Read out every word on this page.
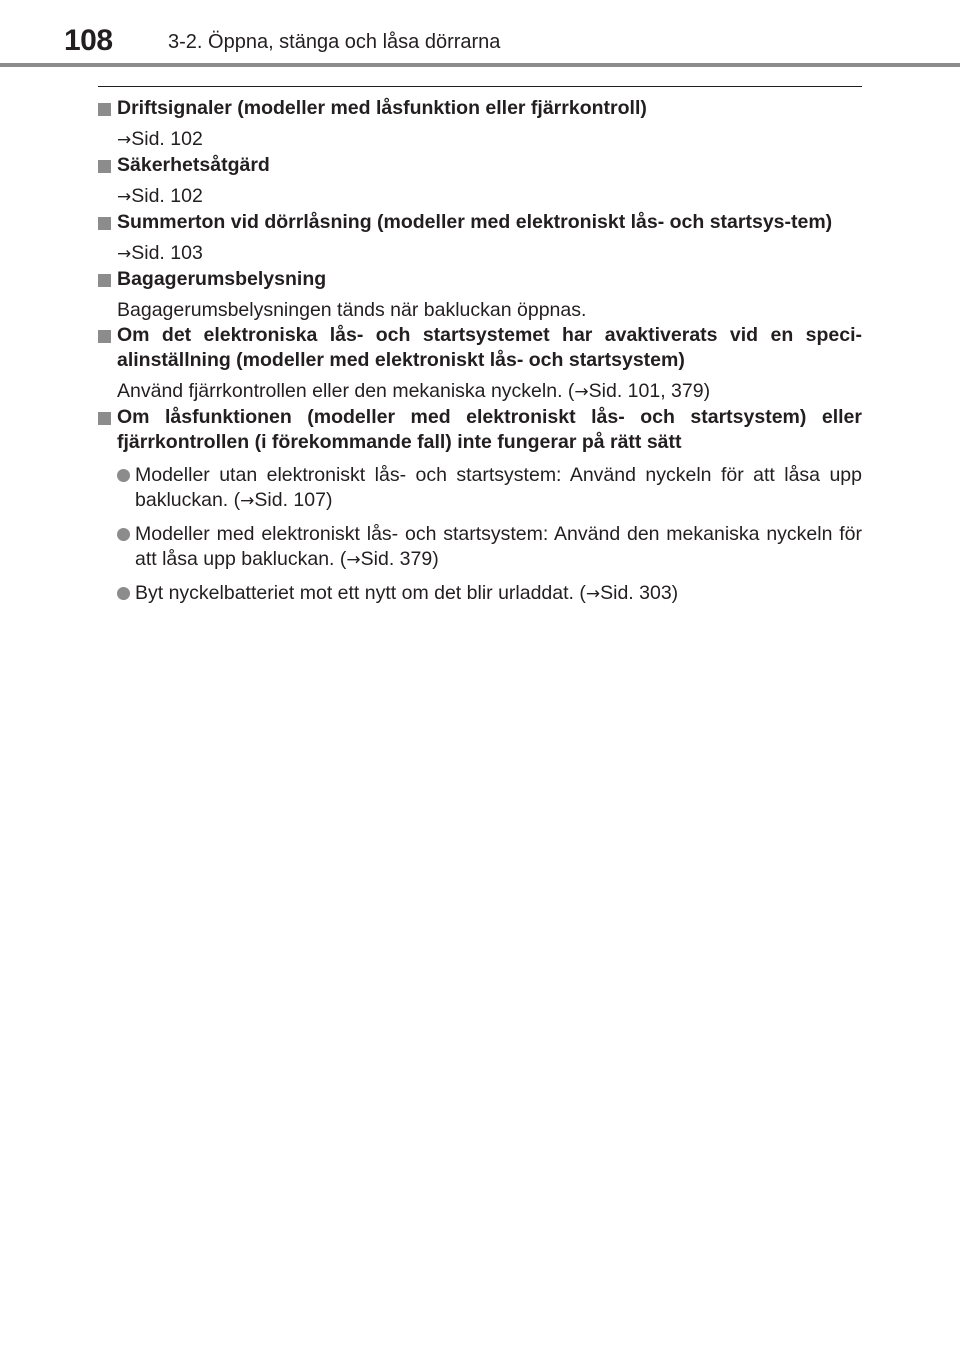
108	3-2. Öppna, stänga och låsa dörrarna
Driftsignaler (modeller med låsfunktion eller fjärrkontroll)
→Sid. 102
Säkerhetsåtgärd
→Sid. 102
Summerton vid dörrlåsning (modeller med elektroniskt lås- och startsys-tem)
→Sid. 103
Bagagerumsbelysning
Bagagerumsbelysningen tänds när bakluckan öppnas.
Om det elektroniska lås- och startsystemet har avaktiverats vid en speci-alinställning (modeller med elektroniskt lås- och startsystem)
Använd fjärrkontrollen eller den mekaniska nyckeln. (→Sid. 101, 379)
Om låsfunktionen (modeller med elektroniskt lås- och startsystem) eller fjärrkontrollen (i förekommande fall) inte fungerar på rätt sätt
Modeller utan elektroniskt lås- och startsystem: Använd nyckeln för att låsa upp bakluckan. (→Sid. 107)
Modeller med elektroniskt lås- och startsystem: Använd den mekaniska nyckeln för att låsa upp bakluckan. (→Sid. 379)
Byt nyckelbatteriet mot ett nytt om det blir urladdat. (→Sid. 303)
